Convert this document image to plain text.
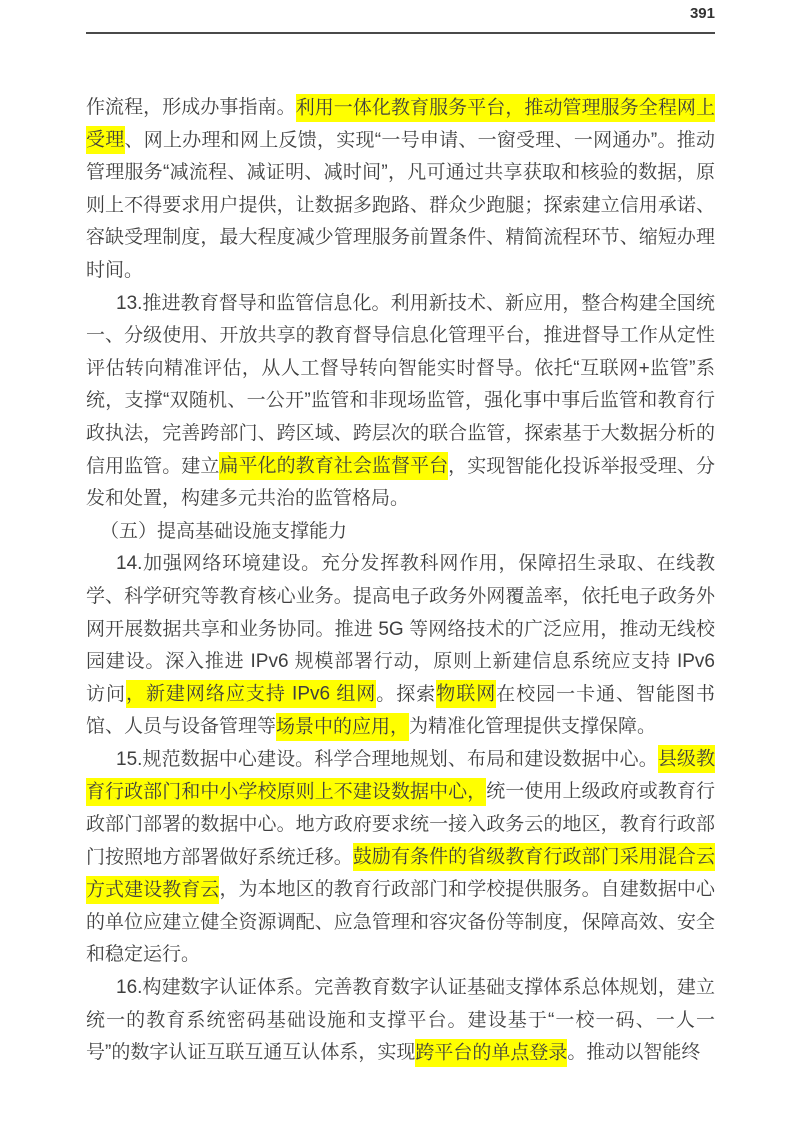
391

作流程，形成办事指南。利用一体化教育服务平台，推动管理服务全程网上受理、网上办理和网上反馈，实现“一号申请、一窗受理、一网通办”。推动管理服务“减流程、减证明、减时间”，凡可通过共享获取和核验的数据，原则上不得要求用户提供，让数据多跑路、群众少跑腿；探索建立信用承诺、容缺受理制度，最大程度减少管理服务前置条件、精简流程环节、缩短办理时间。

13.推进教育督导和监管信息化。利用新技术、新应用，整合构建全国统一、分级使用、开放共享的教育督导信息化管理平台，推进督导工作从定性评估转向精准评估，从人工督导转向智能实时督导。依托“互联网+监管”系统，支撑“双随机、一公开”监管和非现场监管，强化事中事后监管和教育行政执法，完善跨部门、跨区域、跨层次的联合监管，探索基于大数据分析的信用监管。建立扁平化的教育社会监督平台，实现智能化投诉举报受理、分发和处置，构建多元共治的监管格局。

（五）提高基础设施支撑能力

14.加强网络环境建设。充分发挥教科网作用，保障招生录取、在线教学、科学研究等教育核心业务。提高电子政务外网覆盖率，依托电子政务外网开展数据共享和业务协同。推进 5G 等网络技术的广泛应用，推动无线校园建设。深入推进 IPv6 规模部署行动，原则上新建信息系统应支持 IPv6 访问，新建网络应支持 IPv6 组网。探索物联网在校园一卡通、智能图书馆、人员与设备管理等场景中的应用，为精准化管理提供支撑保障。

15.规范数据中心建设。科学合理地规划、布局和建设数据中心。县级教育行政部门和中小学校原则上不建设数据中心，统一使用上级政府或教育行政部门部署的数据中心。地方政府要求统一接入政务云的地区，教育行政部门按照地方部署做好系统迁移。鼓励有条件的省级教育行政部门采用混合云方式建设教育云，为本地区的教育行政部门和学校提供服务。自建数据中心的单位应建立健全资源调配、应急管理和容灾备份等制度，保障高效、安全和稳定运行。

16.构建数字认证体系。完善教育数字认证基础支撑体系总体规划，建立统一的教育系统密码基础设施和支撑平台。建设基于“一校一码、一人一号”的数字认证互联互通互认体系，实现跨平台的单点登录。推动以智能终
